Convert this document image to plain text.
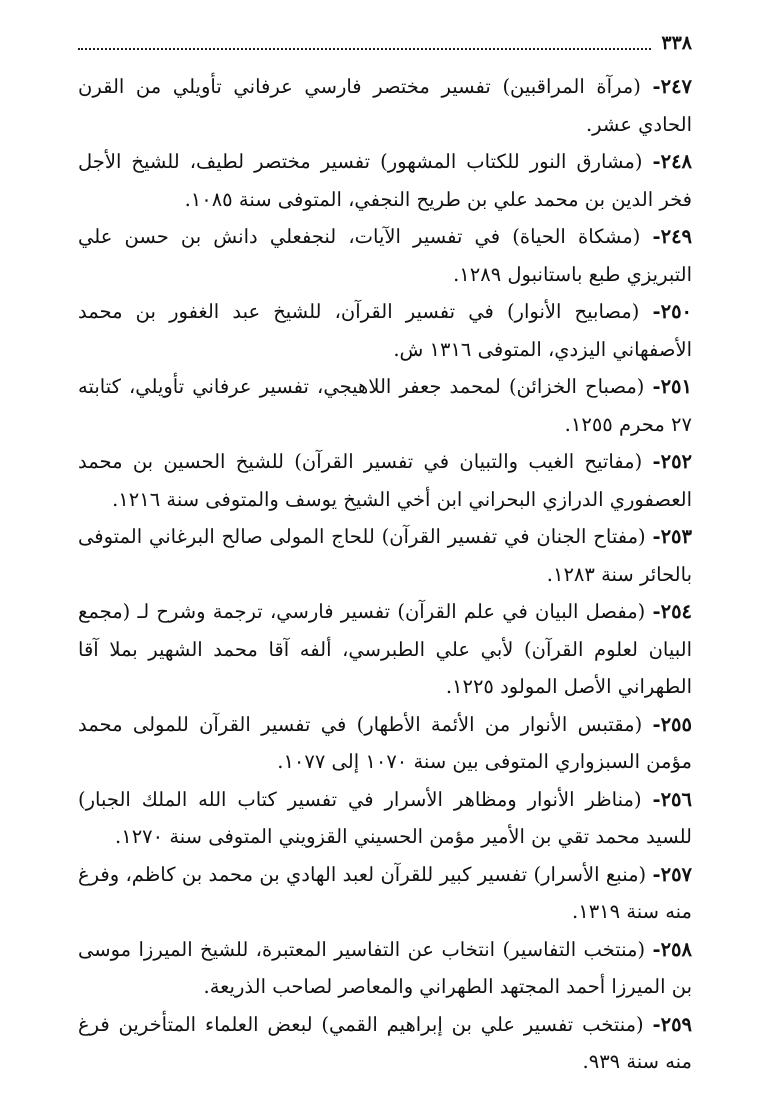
٣٣٨

٢٤٧- (مرآة المراقبين) تفسير مختصر فارسي عرفاني تأويلي من القرن الحادي عشر.

٢٤٨- (مشارق النور للكتاب المشهور) تفسير مختصر لطيف، للشيخ الأجل فخر الدين بن محمد علي بن طريح النجفي، المتوفى سنة ١٠٨٥.

٢٤٩- (مشكاة الحياة) في تفسير الآيات، لنجفعلي دانش بن حسن علي التبريزي طبع باستانبول ١٢٨٩.

٢٥٠- (مصابيح الأنوار) في تفسير القرآن، للشيخ عبد الغفور بن محمد الأصفهاني اليزدي، المتوفى ١٣١٦ ش.

٢٥١- (مصباح الخزائن) لمحمد جعفر اللاهيجي، تفسير عرفاني تأويلي، كتابته ٢٧ محرم ١٢٥٥.

٢٥٢- (مفاتيح الغيب والتبيان في تفسير القرآن) للشيخ الحسين بن محمد العصفوري الدرازي البحراني ابن أخي الشيخ يوسف والمتوفى سنة ١٢١٦.

٢٥٣- (مفتاح الجنان في تفسير القرآن) للحاج المولى صالح البرغاني المتوفى بالحائر سنة ١٢٨٣.

٢٥٤- (مفصل البيان في علم القرآن) تفسير فارسي، ترجمة وشرح لـ (مجمع البيان لعلوم القرآن) لأبي علي الطبرسي، ألفه آقا محمد الشهير بملا آقا الطهراني الأصل المولود ١٢٢٥.

٢٥٥- (مقتبس الأنوار من الأئمة الأطهار) في تفسير القرآن للمولى محمد مؤمن السبزواري المتوفى بين سنة ١٠٧٠ إلى ١٠٧٧.

٢٥٦- (مناظر الأنوار ومظاهر الأسرار في تفسير كتاب الله الملك الجبار) للسيد محمد تقي بن الأمير مؤمن الحسيني القزويني المتوفى سنة ١٢٧٠.

٢٥٧- (منبع الأسرار) تفسير كبير للقرآن لعبد الهادي بن محمد بن كاظم، وفرغ منه سنة ١٣١٩.

٢٥٨- (منتخب التفاسير) انتخاب عن التفاسير المعتبرة، للشيخ الميرزا موسى بن الميرزا أحمد المجتهد الطهراني والمعاصر لصاحب الذريعة.

٢٥٩- (منتخب تفسير علي بن إبراهيم القمي) لبعض العلماء المتأخرين فرغ منه سنة ٩٣٩.
